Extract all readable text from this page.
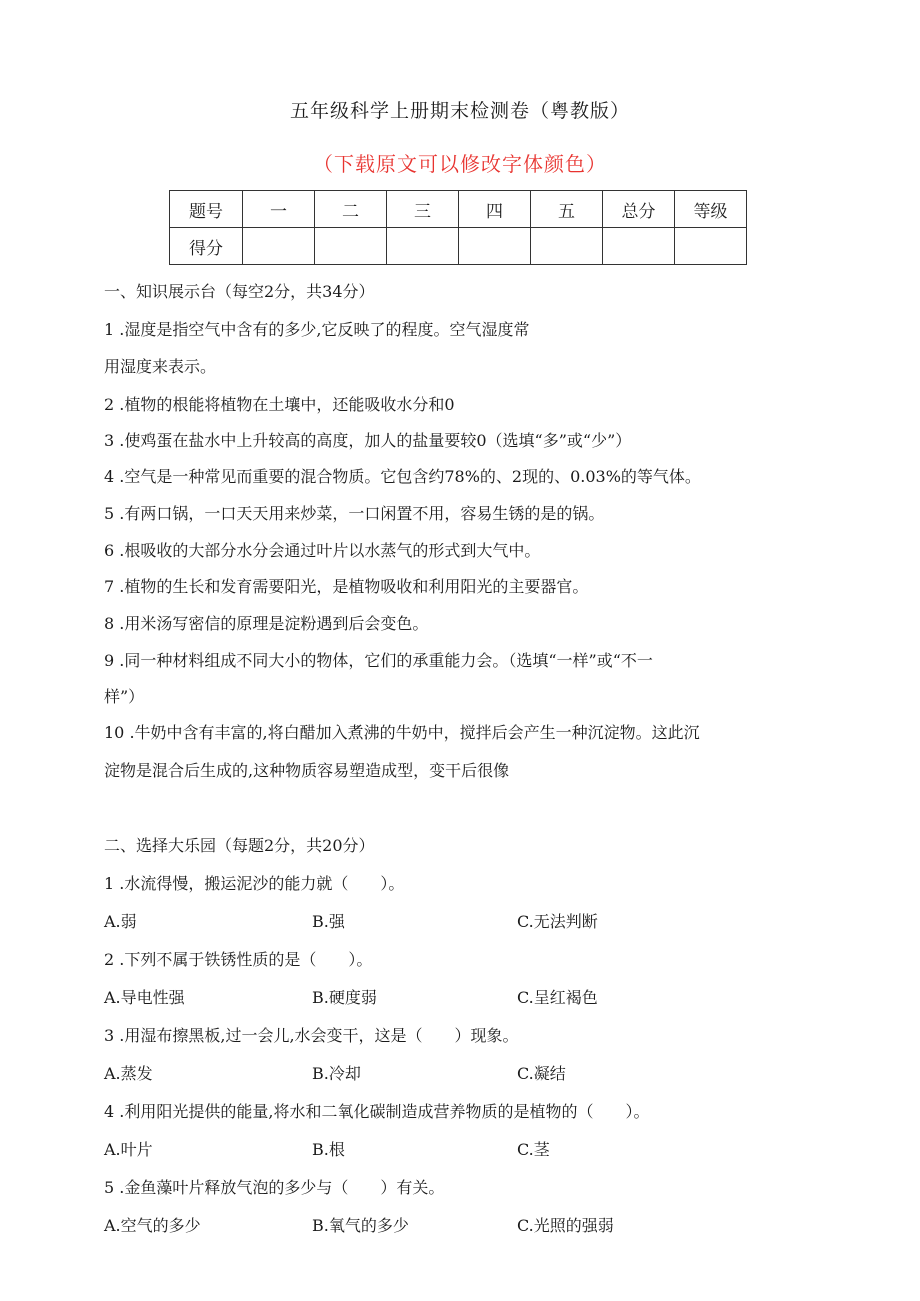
五年级科学上册期末检测卷（粤教版）
（下载原文可以修改字体颜色）
题号	一	二	三	四	五	总分	等级
得分							
一、知识展示台（每空2分，共34分）
1 .湿度是指空气中含有的多少,它反映了的程度。空气湿度常
用湿度来表示。
2 .植物的根能将植物在土壤中，还能吸收水分和0
3 .使鸡蛋在盐水中上升较高的高度，加人的盐量要较0（选填“多”或“少”）
4 .空气是一种常见而重要的混合物质。它包含约78%的、2现的、0.03%的等气体。
5 .有两口锅，一口天天用来炒菜，一口闲置不用，容易生锈的是的锅。
6 .根吸收的大部分水分会通过叶片以水蒸气的形式到大气中。
7 .植物的生长和发育需要阳光，是植物吸收和利用阳光的主要器官。
8 .用米汤写密信的原理是淀粉遇到后会变色。
9 .同一种材料组成不同大小的物体，它们的承重能力会。（选填“一样”或“不一
样”）
10 .牛奶中含有丰富的,将白醋加入煮沸的牛奶中，搅拌后会产生一种沉淀物。这此沉
淀物是混合后生成的,这种物质容易塑造成型，变干后很像
二、选择大乐园（每题2分，共20分）
1 .水流得慢，搬运泥沙的能力就（　　）。
A.弱	B.强	C.无法判断
2 .下列不属于铁锈性质的是（　　）。
A.导电性强	B.硬度弱	C.呈红褐色
3 .用湿布擦黑板,过一会儿,水会变干，这是（　　）现象。
A.蒸发	B.冷却	C.凝结
4 .利用阳光提供的能量,将水和二氧化碳制造成营养物质的是植物的（　　）。
A.叶片	B.根	C.茎
5 .金鱼藻叶片释放气泡的多少与（　　）有关。
A.空气的多少	B.氧气的多少	C.光照的强弱
